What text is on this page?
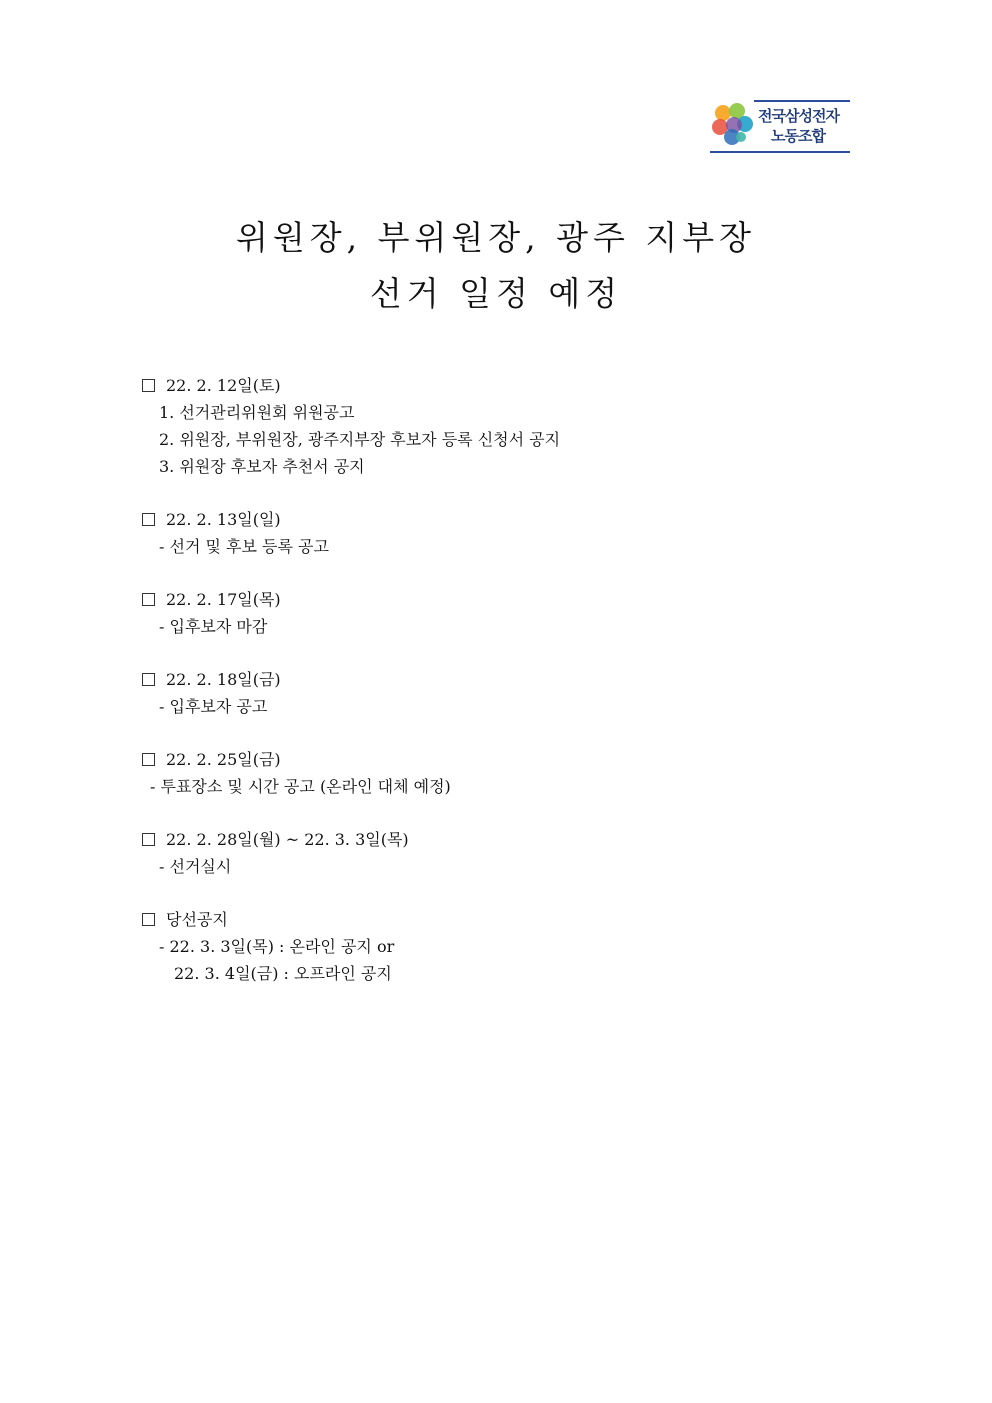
전국삼성전자
노동조합
위원장, 부위원장, 광주 지부장
선거 일정 예정
22. 2. 12일(토)
1. 선거관리위원회 위원공고
2. 위원장, 부위원장, 광주지부장 후보자 등록 신청서 공지
3. 위원장 후보자 추천서 공지
22. 2. 13일(일)
- 선거 및 후보 등록 공고
22. 2. 17일(목)
- 입후보자 마감
22. 2. 18일(금)
- 입후보자 공고
22. 2. 25일(금)
- 투표장소 및 시간 공고 (온라인 대체 예정)
22. 2. 28일(월) ~ 22. 3. 3일(목)
- 선거실시
당선공지
- 22. 3. 3일(목) : 온라인 공지 or
22. 3. 4일(금) : 오프라인 공지
